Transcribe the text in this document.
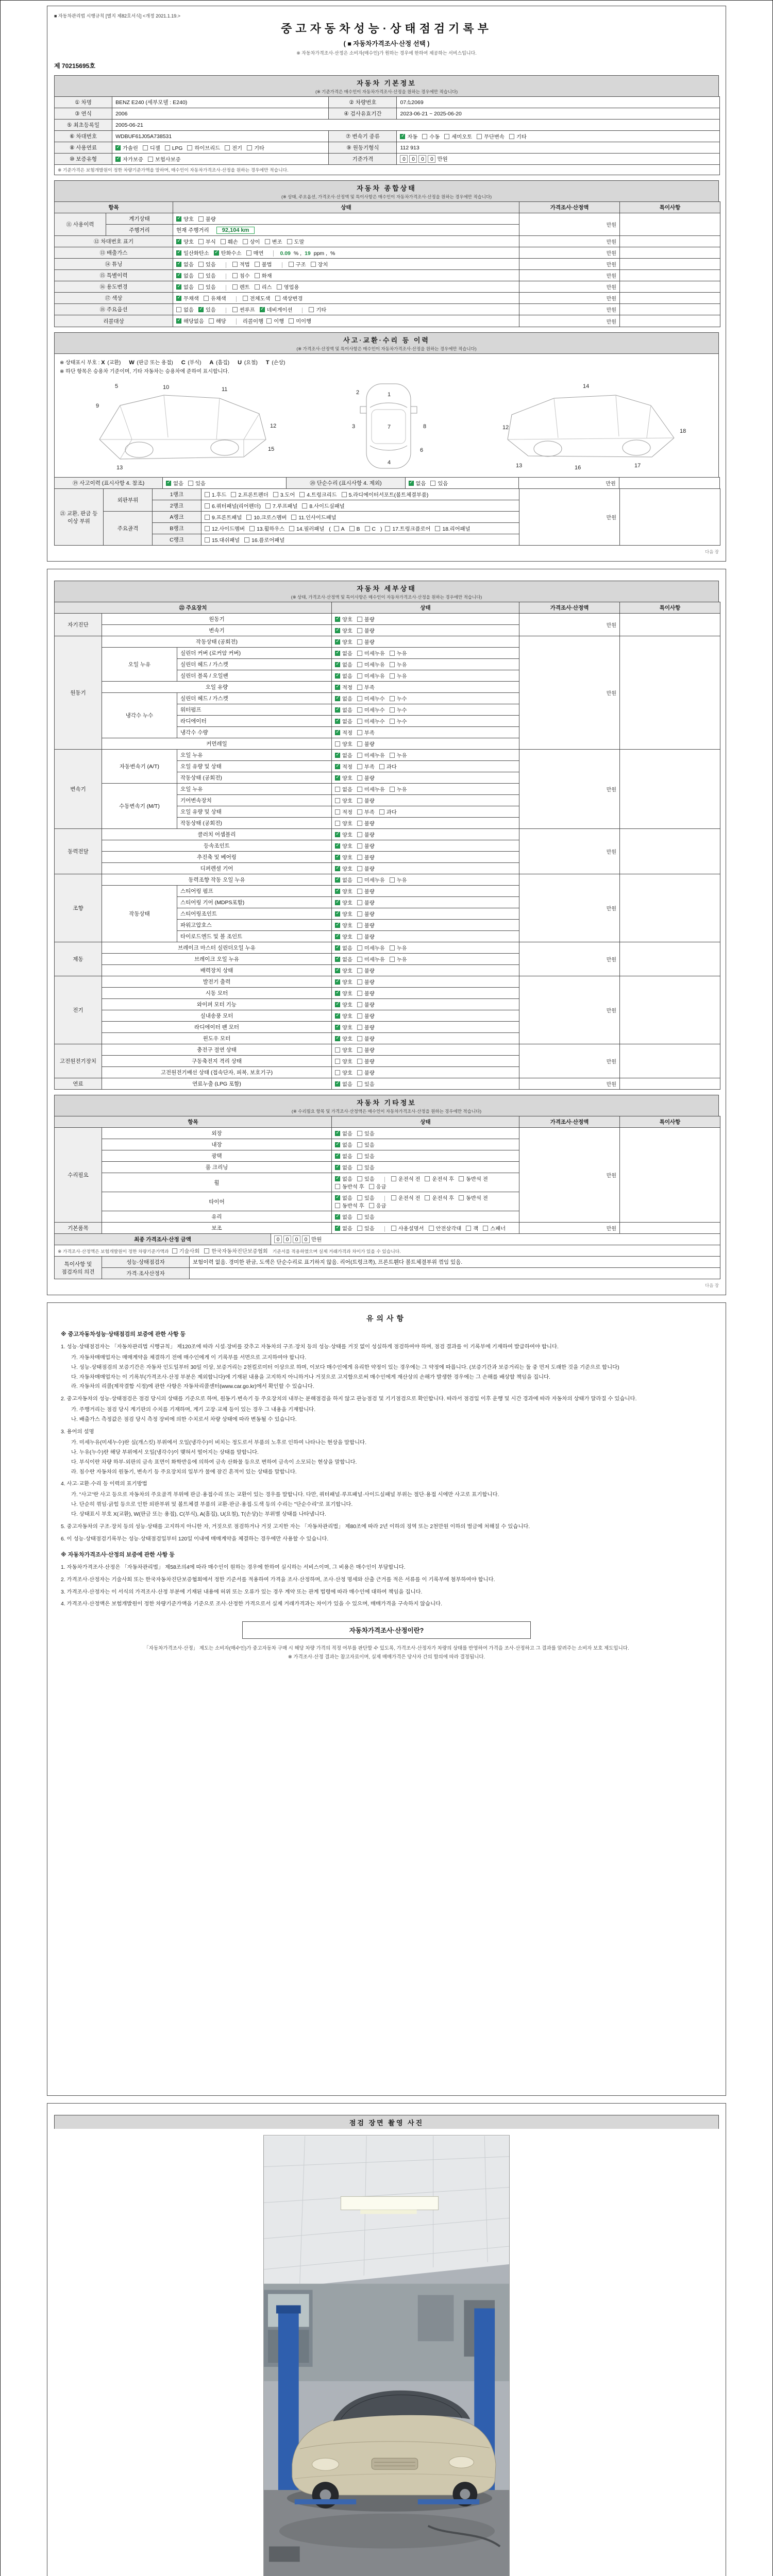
■ 자동차관리법 시행규칙 [별지 제82호서식] <개정 2021.1.19.>
중고자동차성능·상태점검기록부
( ■ 자동차가격조사·산정 선택 )
※ 자동차가격조사·산정은 소비자(매수인)가 원하는 경우에 한하여 제공하는 서비스입니다.
제 70215695호
자동차 기본정보
(※ 기준가격은 매수인이 자동차가격조사·산정을 원하는 경우에만 적습니다)
① 차명	BENZ E240 (세부모델 : E240)	② 차량번호	07소2069
③ 연식	2006	④ 검사유효기간	2023-06-21 ~ 2025-06-20
⑤ 최초등록일	2005-06-21		
⑥ 차대번호	WDBUF61J05A738531	⑦ 변속기 종류	✓자동 수동 세미오토 무단변속 기타
⑧ 사용연료	✓가솔린 디젤 LPG 하이브리드 전기 기타	⑨ 원동기형식	112 913
⑩ 보증유형	✓자가보증 보험사보증	기준가격	0 0 0 0 만원
※ 기준가격은 보험개발원이 정한 차량기준가액을 말하며, 매수인이 자동차가격조사·산정을 원하는 경우에만 적습니다.			
자동차 종합상태
(※ 상태, 주요옵션, 가격조사·산정액 및 특이사항은 매수인이 자동차가격조사·산정을 원하는 경우에만 적습니다)
항목		상태	가격조사·산정액	특이사항
⑪ 사용이력	계기상태	✓양호 불량	만원	
	주행거리	현재 주행거리 92,104 km		
⑫ 차대번호 표기	✓양호 부식 훼손 상이 변조 도말	만원	
⑬ 배출가스	✓일산화탄소 ✓ 탄화수소 매연 0.09 % , 19 ppm , %	만원	
⑭ 튜닝	✓없음 있음 적법 불법 구조 장치	만원	
⑮ 특별이력	✓없음 있음 침수 화재	만원	
⑯ 용도변경	✓없음 있음 렌트 리스 영업용	만원	
⑰ 색상	✓무채색 유채색 전체도색 색상변경	만원	
⑱ 주요옵션		없음 ✓ 있음 썬루프 ✓ 네비게이션 기타	만원	
리콜대상	✓해당없음 해당 리콜이행 이행 미이행	만원	
사고·교환·수리 등 이력
(※ 가격조사·산정액 및 특이사항은 매수인이 자동차가격조사·산정을 원하는 경우에만 적습니다)
※ 상태표시 부호 : X (교환) W (판금 또는 용접) C (부식) A (흠집) U (요철) T (손상)
※ 하단 항목은 승용차 기준이며, 기타 자동차는 승용차에 준하여 표시합니다.
5
9
10	11
12
13
15
1
2
3
4
6
7	8
14
12
13	16	17
18
⑲ 사고이력 (표시사항 4. 참조)	✓없음 있음	⑳ 단순수리 (표시사항 4. 제외)	✓없음 있음	만원	
㉑ 교환, 판금 등 이상 부위	외판부위	1랭크	1.후드 2.프론트펜더 3.도어 4.트렁크리드 5.라디에이터서포트(볼트체결부품)	만원	
		2랭크	6.쿼터패널(리어펜더) 7.루프패널 8.사이드실패널		
	주요골격	A랭크	9.프론트패널 10.크로스멤버 11.인사이드패널		
		B랭크	12.사이드멤버 13.휠하우스 14.필러패널 ( A B C ) 17.트렁크플로어 18.리어패널		
		C랭크	15.대쉬패널 16.플로어패널		
다음 장
자동차 세부상태
(※ 상태, 가격조사·산정액 및 특이사항은 매수인이 자동차가격조사·산정을 원하는 경우에만 적습니다)
㉒ 주요장치			상태	가격조사·산정액	특이사항
자기진단	원동기	✓양호 불량	만원	
	변속기	✓양호 불량
원동기	작동상태 (공회전)	✓양호 불량	만원	
	오일 누유	실린더 커버 (로커암 커버)	✓없음 미세누유 누유
		실린더 헤드 / 가스켓	✓없음 미세누유 누유
		실린더 블록 / 오일팬	✓없음 미세누유 누유
	오일 유량	✓적정 부족
	냉각수 누수	실린더 헤드 / 가스켓	✓없음 미세누수 누수
		워터펌프	✓없음 미세누수 누수
		라디에이터	✓없음 미세누수 누수
		냉각수 수량	✓적정 부족
	커먼레일		양호 불량		
변속기	자동변속기 (A/T)	오일 누유	✓없음 미세누유 누유	만원	
		오일 유량 및 상태	✓적정 부족 과다
		작동상태 (공회전)	✓양호 불량
	수동변속기 (M/T)	오일 누유	없음 미세누유 누유		
		기어변속장치	양호 불량		
		오일 유량 및 상태	적정 부족 과다		
		작동상태 (공회전)	양호 불량		
동력전달	클러치 어셈블리	✓양호 불량	만원	
	등속조인트	✓양호 불량
	추진축 및 베어링	✓양호 불량
	디퍼렌셜 기어	✓양호 불량
조향	동력조향 작동 오일 누유	✓없음 미세누유 누유	만원	
	작동상태	스티어링 펌프	✓양호 불량
		스티어링 기어 (MDPS포함)	✓양호 불량
		스티어링조인트	✓양호 불량
		파워고압호스	✓양호 불량
		타이로드엔드 및 볼 조인트	✓양호 불량
제동	브레이크 마스터 실린더오일 누유	✓없음 미세누유 누유	만원	
	브레이크 오일 누유	✓없음 미세누유 누유
	배력장치 상태	✓양호 불량
전기	발전기 출력	✓양호 불량	만원	
	시동 모터	✓양호 불량
	와이퍼 모터 기능	✓양호 불량
	실내송풍 모터	✓양호 불량
	라디에이터 팬 모터	✓양호 불량
	윈도우 모터	✓양호 불량
고전원전기장치	충전구 절연 상태		양호 불량	만원	
	구동축전지 격리 상태		양호 불량		
	고전원전기배선 상태 (접속단자, 피복, 보호기구)		양호 불량		
연료	연료누출 (LPG 포함)	✓없음 있음	만원	
자동차 기타정보
(※ 수리필요 항목 및 가격조사·산정액은 매수인이 자동차가격조사·산정을 원하는 경우에만 적습니다)
항목		상태	가격조사·산정액	특이사항
수리필요	외장	✓없음 있음	만원	
	내장	✓없음 있음
	광택	✓없음 있음
	룸 크리닝	✓없음 있음
	휠	✓없음 있음 운전석 전 운전석 후 동반석 전동반석 후 응급
	타이어	✓없음 있음 운전석 전 운전석 후 동반석 전동반석 후 응급
	유리	✓없음 있음
기본품목	보조	✓없음 있음 사용설명서 안전삼각대 잭 스패너	만원	
최종 가격조사·산정 금액	0 0 0 0 만원
※ 가격조사·산정액은 보험개발원이 정한 차량기준가액과 기술사회 한국자동차진단보증협회 기준서를 적용하였으며 실제 거래가격과 차이가 있을 수 있습니다.
특이사항 및 점검자의 의견	성능·상태점검자	보험이력 없음. 경미한 판금, 도색은 단순수리로 표기하지 않음. 리어(트렁크쪽), 프론트휀다 볼트체결부위 꺾임 있음.
	가격·조사산정자	
다음 장
유의사항
※ 중고자동차성능·상태점검의 보증에 관한 사항 등
1. 성능·상태점검자는 「자동차관리법 시행규칙」 제120조에 따라 시설·장비를 갖추고 자동차의 구조·장치 등의 성능·상태를 거짓 없이 성실하게 점검하여야 하며, 점검 결과를 이 기록부에 기재하여 발급하여야 합니다.
가. 자동차매매업자는 매매계약을 체결하기 전에 매수인에게 이 기록부를 서면으로 고지하여야 합니다.
나. 성능·상태점검의 보증기간은 자동차 인도일부터 30일 이상, 보증거리는 2천킬로미터 이상으로 하며, 이보다 매수인에게 유리한 약정이 있는 경우에는 그 약정에 따릅니다. (보증기간과 보증거리는 둘 중 먼저 도래한 것을 기준으로 합니다)
다. 자동차매매업자는 이 기록부(가격조사·산정 부분은 제외합니다)에 기재된 내용을 고지하지 아니하거나 거짓으로 고지함으로써 매수인에게 재산상의 손해가 발생한 경우에는 그 손해를 배상할 책임을 집니다.
라. 자동차의 리콜(제작결함 시정)에 관한 사항은 자동차리콜센터(www.car.go.kr)에서 확인할 수 있습니다.
2. 중고자동차의 성능·상태점검은 점검 당시의 상태를 기준으로 하며, 원동기·변속기 등 주요장치의 내부는 분해점검을 하지 않고 관능점검 및 기기점검으로 확인합니다. 따라서 점검일 이후 운행 및 시간 경과에 따라 자동차의 상태가 달라질 수 있습니다.
가. 주행거리는 점검 당시 계기판의 수치를 기재하며, 계기 고장·교체 등이 있는 경우 그 내용을 기재합니다.
나. 배출가스 측정값은 점검 당시 측정 장비에 의한 수치로서 차량 상태에 따라 변동될 수 있습니다.
3. 용어의 설명
가. 미세누유(미세누수)란 실(개스킷) 부위에서 오일(냉각수)이 비치는 정도로서 부품의 노후로 인하여 나타나는 현상을 말합니다.
나. 누유(누수)란 해당 부위에서 오일(냉각수)이 맺혀서 떨어지는 상태를 말합니다.
다. 부식이란 차량 하부·외판의 금속 표면이 화학반응에 의하여 금속 산화물 등으로 변하여 금속이 소모되는 현상을 말합니다.
라. 침수란 자동차의 원동기, 변속기 등 주요장치의 일부가 물에 잠긴 흔적이 있는 상태를 말합니다.
4. 사고·교환·수리 등 이력의 표기방법
가. "사고"란 사고 등으로 자동차의 주요골격 부위에 판금·용접수리 또는 교환이 있는 경우를 말합니다. 다만, 쿼터패널·루프패널·사이드실패널 부위는 절단·용접 시에만 사고로 표기합니다.
나. 단순히 꺾임·긁힘 등으로 인한 외판부위 및 볼트체결 부품의 교환·판금·용접·도색 등의 수리는 "단순수리"로 표기합니다.
다. 상태표시 부호 X(교환), W(판금 또는 용접), C(부식), A(흠집), U(요철), T(손상)는 부위별 상태를 나타냅니다.
5. 중고자동차의 구조·장치 등의 성능·상태를 고지하지 아니한 자, 거짓으로 점검하거나 거짓 고지한 자는 「자동차관리법」 제80조에 따라 2년 이하의 징역 또는 2천만원 이하의 벌금에 처해질 수 있습니다.
6. 이 성능·상태점검기록부는 성능·상태점검일부터 120일 이내에 매매계약을 체결하는 경우에만 사용할 수 있습니다.
※ 자동차가격조사·산정의 보증에 관한 사항 등
1. 자동차가격조사·산정은 「자동차관리법」 제58조의4에 따라 매수인이 원하는 경우에 한하여 실시하는 서비스이며, 그 비용은 매수인이 부담합니다.
2. 가격조사·산정자는 기술사회 또는 한국자동차진단보증협회에서 정한 기준서를 적용하여 가격을 조사·산정하며, 조사·산정 명세와 산출 근거를 적은 서류를 이 기록부에 첨부하여야 합니다.
3. 가격조사·산정자는 이 서식의 가격조사·산정 부분에 기재된 내용에 허위 또는 오류가 있는 경우 계약 또는 관계 법령에 따라 매수인에 대하여 책임을 집니다.
4. 가격조사·산정액은 보험개발원이 정한 차량기준가액을 기준으로 조사·산정한 가격으로서 실제 거래가격과는 차이가 있을 수 있으며, 매매가격을 구속하지 않습니다.
자동차가격조사·산정이란?
「자동차가격조사·산정」 제도는 소비자(매수인)가 중고자동차 구매 시 해당 차량 가격의 적정 여부를 판단할 수 있도록, 가격조사·산정자가 차량의 상태를 반영하여 가격을 조사·산정하고 그 결과를 알려주는 소비자 보호 제도입니다.
※ 가격조사·산정 결과는 참고자료이며, 실제 매매가격은 당사자 간의 합의에 따라 결정됩니다.
점검 장면 촬영 사진
